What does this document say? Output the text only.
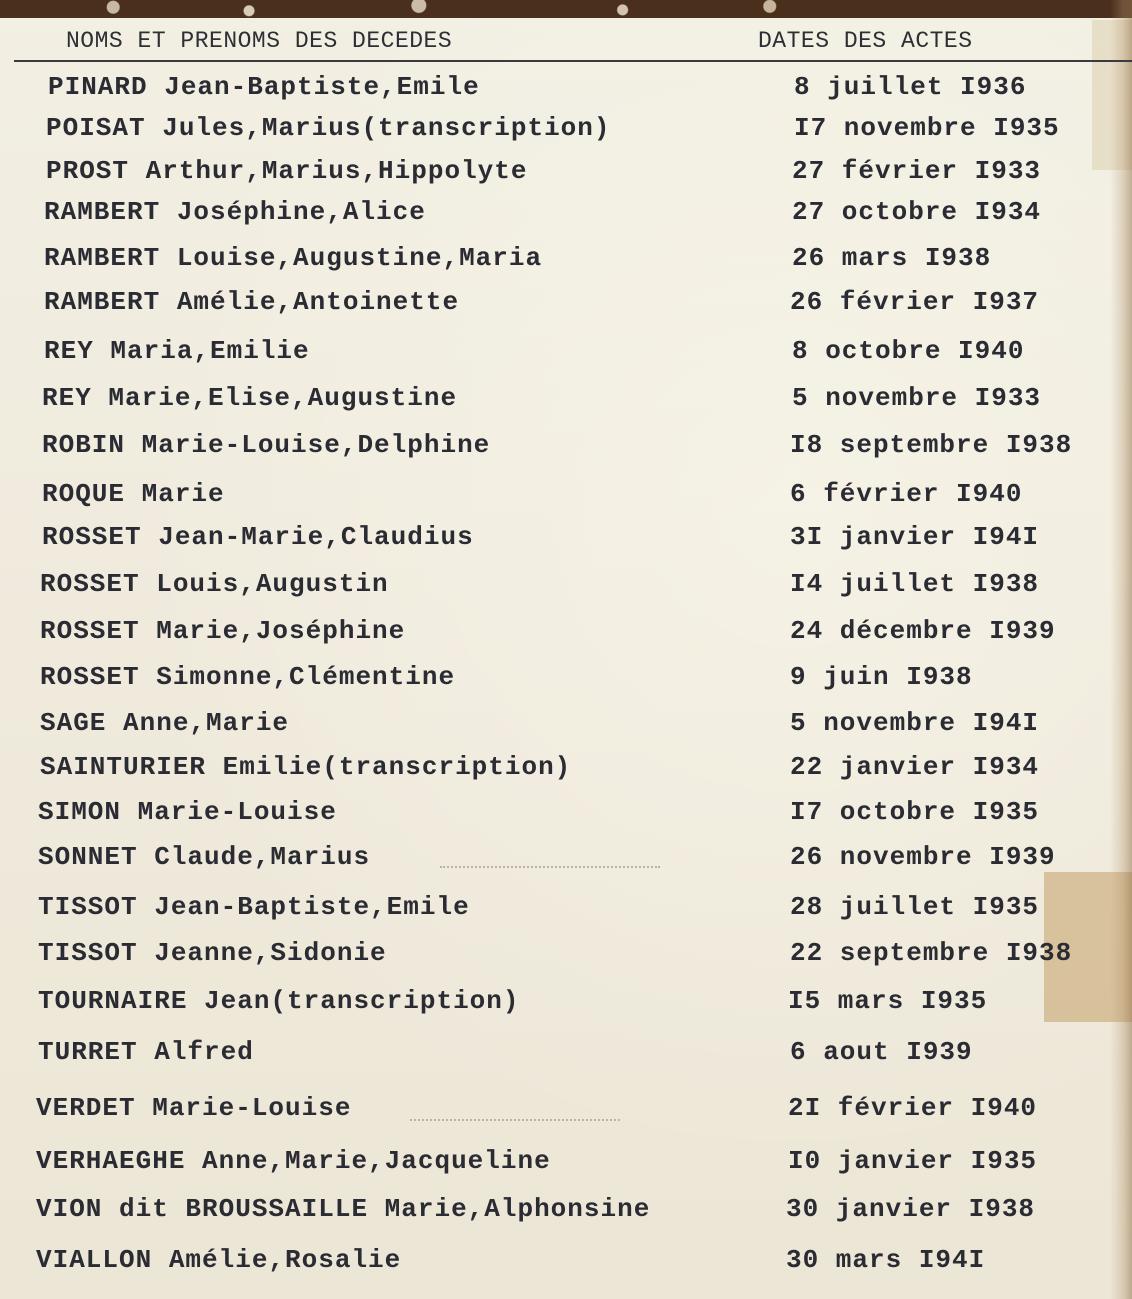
NOMS ET PRENOMS DES DECEDES	DATES DES ACTES
PINARD Jean-Baptiste,Emile	8 juillet I936
POISAT Jules,Marius(transcription)	I7 novembre I935
PROST Arthur,Marius,Hippolyte	27 février I933
RAMBERT Joséphine,Alice	27 octobre I934
RAMBERT Louise,Augustine,Maria	26 mars I938
RAMBERT Amélie,Antoinette	26 février I937
REY Maria,Emilie	8 octobre I940
REY Marie,Elise,Augustine	5 novembre I933
ROBIN Marie-Louise,Delphine	I8 septembre I938
ROQUE Marie	6 février I940
ROSSET Jean-Marie,Claudius	3I janvier I94I
ROSSET Louis,Augustin	I4 juillet I938
ROSSET Marie,Joséphine	24 décembre I939
ROSSET Simonne,Clémentine	9 juin I938
SAGE Anne,Marie	5 novembre I94I
SAINTURIER Emilie(transcription)	22 janvier I934
SIMON Marie-Louise	I7 octobre I935
SONNET Claude,Marius	26 novembre I939
TISSOT Jean-Baptiste,Emile	28 juillet I935
TISSOT Jeanne,Sidonie	22 septembre I938
TOURNAIRE Jean(transcription)	I5 mars I935
TURRET Alfred	6 aout I939
VERDET Marie-Louise	2I février I940
VERHAEGHE Anne,Marie,Jacqueline	I0 janvier I935
VION dit BROUSSAILLE Marie,Alphonsine	30 janvier I938
VIALLON Amélie,Rosalie	30 mars I94I
